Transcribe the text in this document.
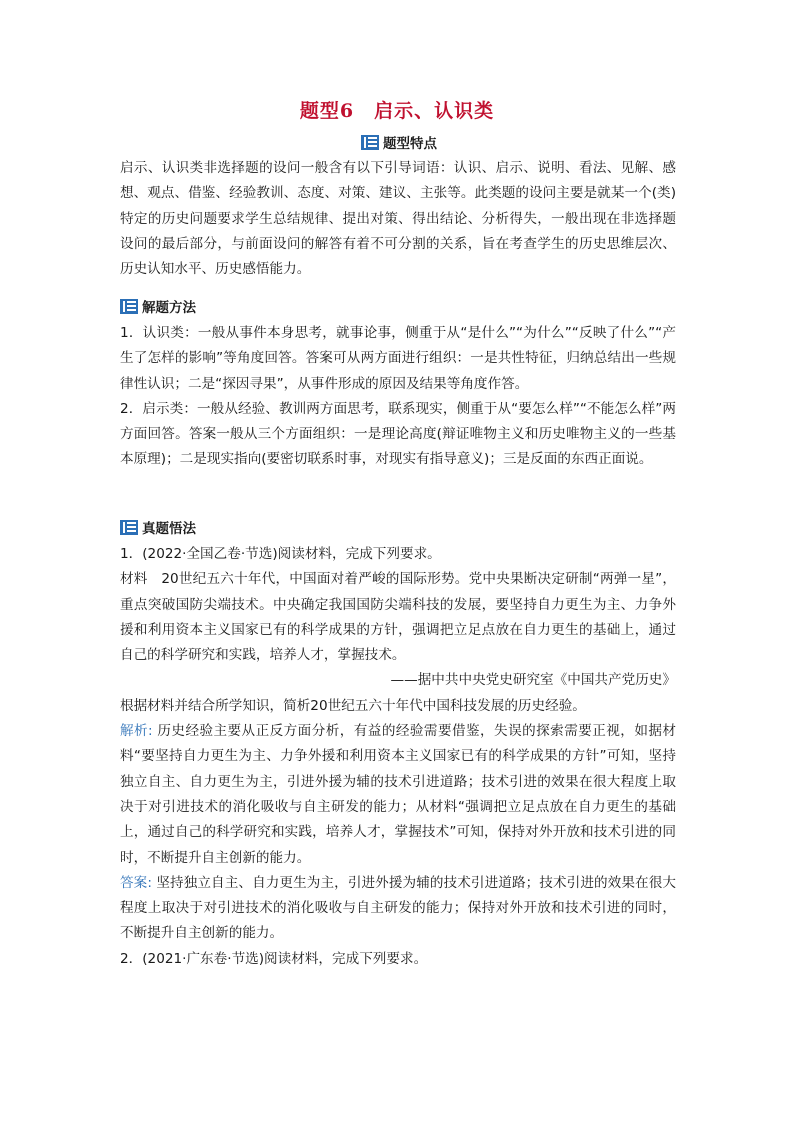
题型6　启示、认识类
题型特点

启示、认识类非选择题的设问一般含有以下引导词语：认识、启示、说明、看法、见解、感想、观点、借鉴、经验教训、态度、对策、建议、主张等。此类题的设问主要是就某一个(类)特定的历史问题要求学生总结规律、提出对策、得出结论、分析得失，一般出现在非选择题设问的最后部分，与前面设问的解答有着不可分割的关系，旨在考查学生的历史思维层次、历史认知水平、历史感悟能力。

解题方法

1．认识类：一般从事件本身思考，就事论事，侧重于从“是什么”“为什么”“反映了什么”“产生了怎样的影响”等角度回答。答案可从两方面进行组织：一是共性特征，归纳总结出一些规律性认识；二是“探因寻果”，从事件形成的原因及结果等角度作答。

2．启示类：一般从经验、教训两方面思考，联系现实，侧重于从“要怎么样”“不能怎么样”两方面回答。答案一般从三个方面组织：一是理论高度(辩证唯物主义和历史唯物主义的一些基本原理)；二是现实指向(要密切联系时事，对现实有指导意义)；三是反面的东西正面说。

真题悟法

1．(2022·全国乙卷·节选)阅读材料，完成下列要求。

材料　20世纪五六十年代，中国面对着严峻的国际形势。党中央果断决定研制“两弹一星”，重点突破国防尖端技术。中央确定我国国防尖端科技的发展，要坚持自力更生为主、力争外援和利用资本主义国家已有的科学成果的方针，强调把立足点放在自力更生的基础上，通过自己的科学研究和实践，培养人才，掌握技术。

——据中共中央党史研究室《中国共产党历史》

根据材料并结合所学知识，简析20世纪五六十年代中国科技发展的历史经验。

解析: 历史经验主要从正反方面分析，有益的经验需要借鉴，失误的探索需要正视，如据材料“要坚持自力更生为主、力争外援和利用资本主义国家已有的科学成果的方针”可知，坚持独立自主、自力更生为主，引进外援为辅的技术引进道路；技术引进的效果在很大程度上取决于对引进技术的消化吸收与自主研发的能力；从材料“强调把立足点放在自力更生的基础上，通过自己的科学研究和实践，培养人才，掌握技术”可知，保持对外开放和技术引进的同时，不断提升自主创新的能力。

答案: 坚持独立自主、自力更生为主，引进外援为辅的技术引进道路；技术引进的效果在很大程度上取决于对引进技术的消化吸收与自主研发的能力；保持对外开放和技术引进的同时，不断提升自主创新的能力。

2．(2021·广东卷·节选)阅读材料，完成下列要求。
